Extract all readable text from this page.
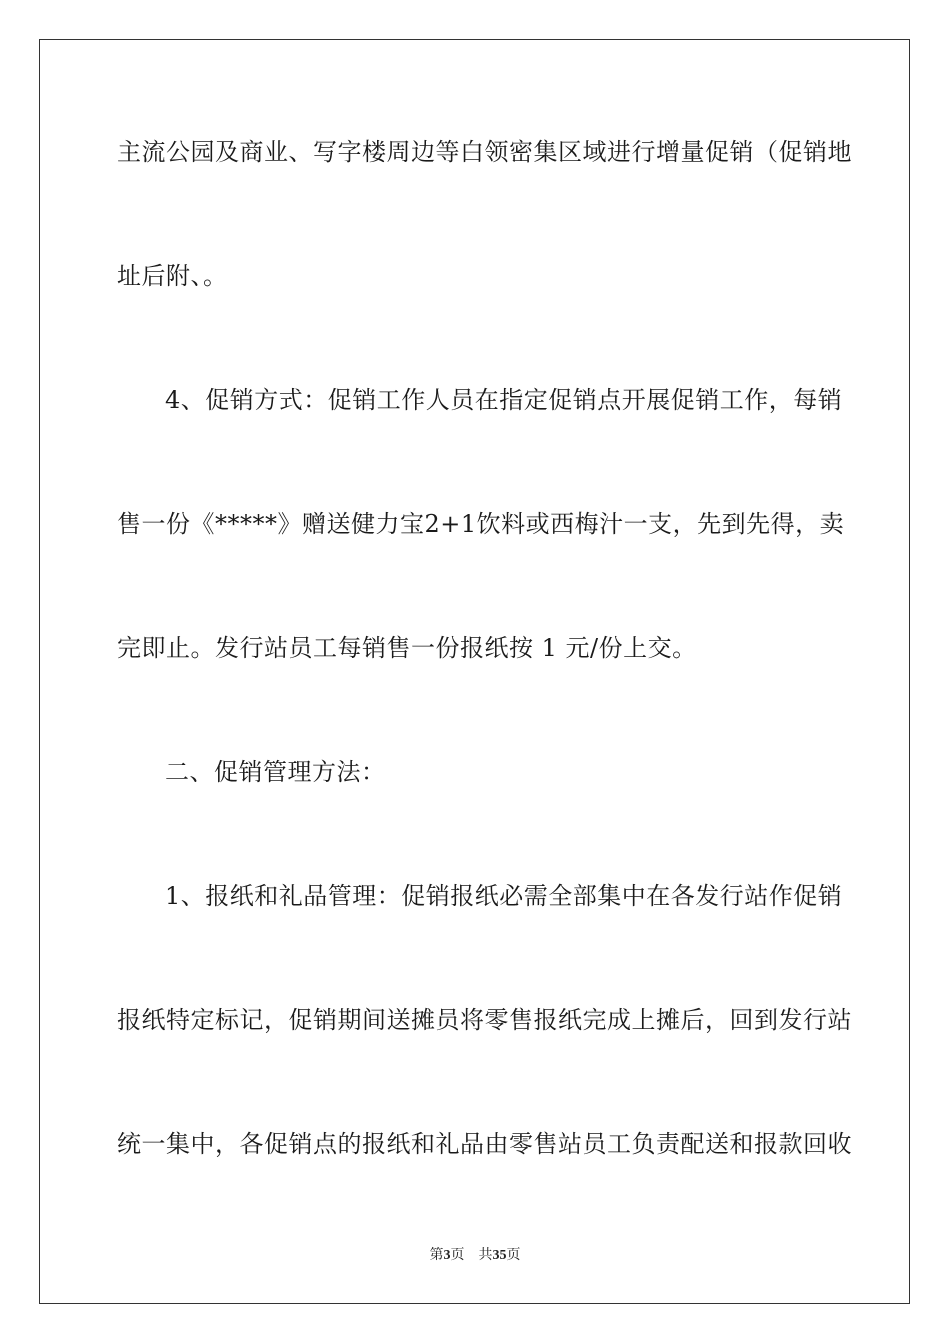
主 流 公 园 及 商 业 、 写 字 楼 周 边 等 白 领 密 集 区 域 进 行 增 量 促 销 （ 促 销 地
址后附、。
4 、 促 销 方 式 ： 促 销 工 作 人 员 在 指 定 促 销 点 开 展 促 销 工 作 ， 每 销
售 一 份 《 ***** 》 赠 送 健 力 宝 2+1 饮 料 或 西 梅 汁 一 支 ， 先 到 先 得 ， 卖
完即止。发行站员工每销售一份报纸按 1 元/份上交。
二、促销管理方法：
1 、 报 纸 和 礼 品 管 理 ： 促 销 报 纸 必 需 全 部 集 中 在 各 发 行 站 作 促 销
报 纸 特 定 标 记 ， 促 销 期 间 送 摊 员 将 零 售 报 纸 完 成 上 摊 后 ， 回 到 发 行 站
统 一 集 中 ， 各 促 销 点 的 报 纸 和 礼 品 由 零 售 站 员 工 负 责 配 送 和 报 款 回 收
第3页 共35页
